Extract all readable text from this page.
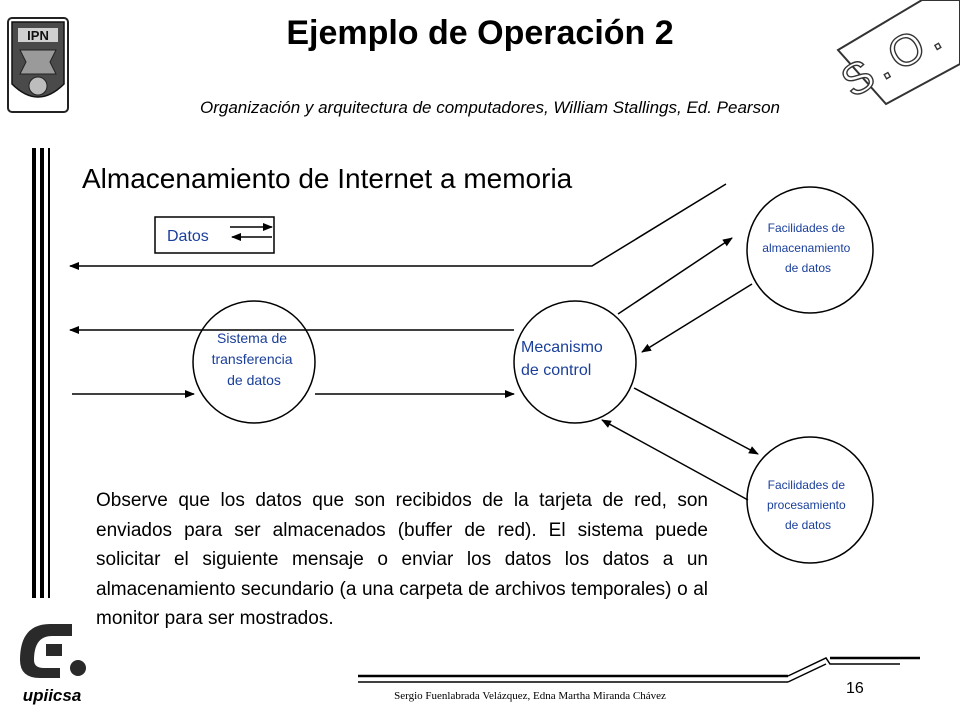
IPN	S.O.
Datos
Sistema de transferencia de datos
Mecanismo de control
Facilidades de almacenamiento de datos
Facilidades de procesamiento de datos
upiicsa
Ejemplo de Operación 2
Organización y arquitectura de computadores, William Stallings, Ed. Pearson
Almacenamiento de Internet a memoria
Observe que los datos que son recibidos de la tarjeta de red, son enviados para ser almacenados (buffer de red). El sistema puede solicitar el siguiente mensaje o enviar los datos los datos a un almacenamiento secundario (a una carpeta de archivos temporales) o al monitor para ser mostrados.
Sergio Fuenlabrada Velázquez, Edna Martha Miranda Chávez	16
